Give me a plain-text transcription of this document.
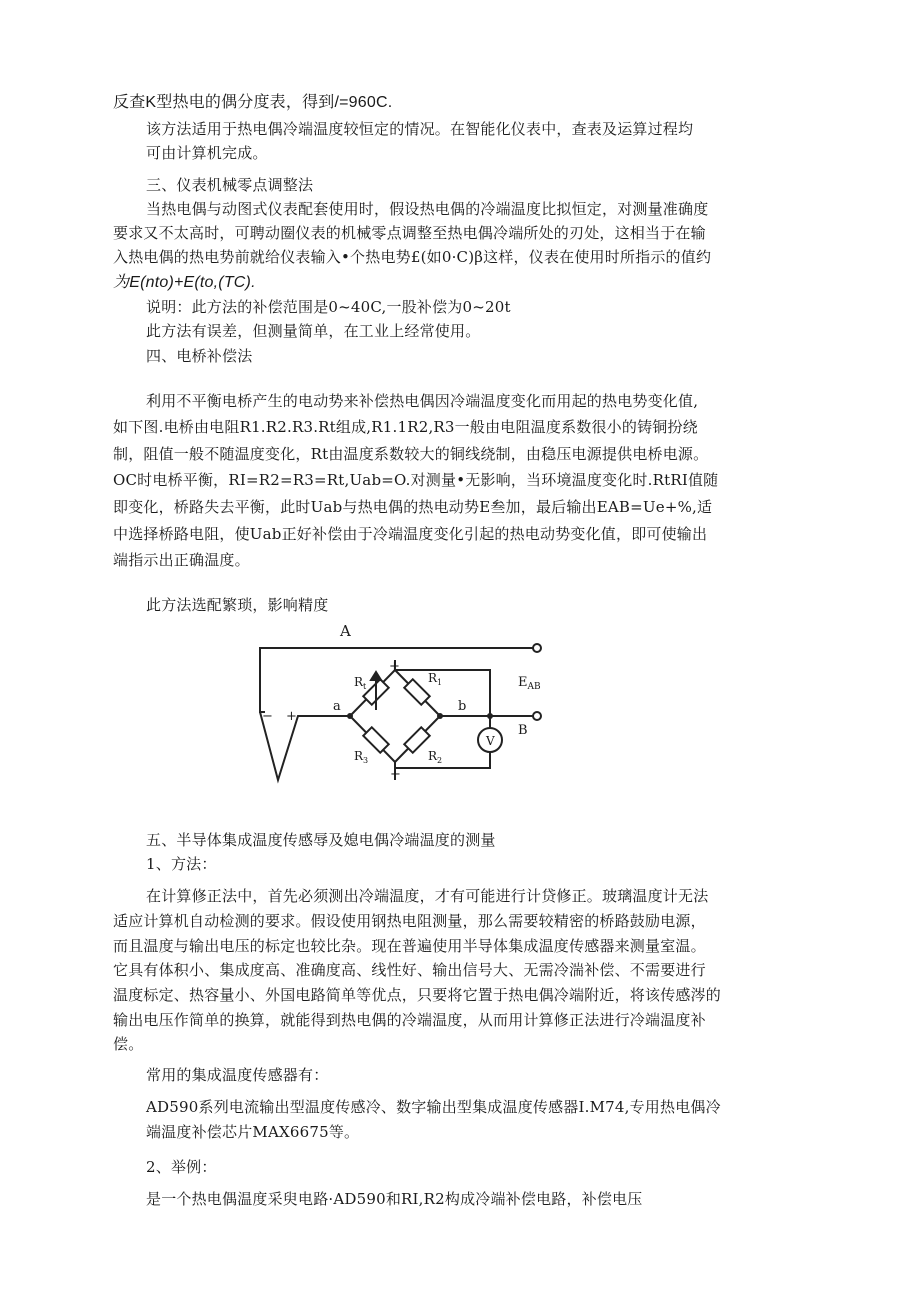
反查K型热电的偶分度表，得到/=960C.
该方法适用于热电偶冷端温度较恒定的情况。在智能化仪表中，查表及运算过程均
可由计算机完成。
三、仪表机械零点调整法
当热电偶与动图式仪表配套使用时，假设热电偶的冷端温度比拟恒定，对测量准确度
要求又不太高时，可聘动圈仪表的机械零点调整至热电偶冷端所处的刃处，这相当于在输
入热电偶的热电势前就给仪表输入•个热电势£(如0·C)β这样，仪表在使用时所指示的值约
为E(nto)+E(to,(TC).
说明：此方法的补偿范围是0~40C,一股补偿为0~20t
此方法有误差，但测量简单，在工业上经常使用。
四、电桥补偿法
利用不平衡电桥产生的电动势来补偿热电偶因冷端温度变化而用起的热电势变化值,
如下图.电桥由电阻R1.R2.R3.Rt组成,R1.1R2,R3一般由电阻温度系数很小的铸铜扮绕
制，阻值一般不随温度变化，Rt由温度系数较大的铜线绕制，由稳压电源提供电桥电源。
OC时电桥平衡，RI=R2=R3=Rt,Uab=O.对测量•无影响，当环境温度变化时.RtRI值随
即变化，桥路失去平衡，此时Uab与热电偶的热电动势E叁加，最后输出EAB=Ue+%,适
中选择桥路电阻，使Uab正好补偿由于冷端温度变化引起的热电动势变化值，即可使输出
端指示出正确温度。
此方法选配繁琐，影响精度
A
a	b
B
$E_{AB}$
$R_t$
$R_1$
$R_3$	$R_2$
V
+
−
− +
五、半导体集成温度传感辱及媳电偶冷端温度的测量
1、方法：
在计算修正法中，首先必须测出冷端温度，才有可能进行计贷修正。玻璃温度计无法
适应计算机自动检测的要求。假设使用钢热电阻测量，那么需要较精密的桥路鼓励电源，
而且温度与输出电压的标定也较比杂。现在普遍使用半导体集成温度传感器来测量室温。
它具有体积小、集成度高、准确度高、线性好、输出信号大、无需冷湍补偿、不需要进行
温度标定、热容量小、外国电路简单等优点，只要将它置于热电偶冷端附近，将该传感涔的
输出电压作简单的换算，就能得到热电偶的冷端温度，从而用计算修正法进行冷端温度补
偿。
常用的集成温度传感器有：
AD590系列电流输出型温度传感冷、数字输出型集成温度传感器I.M74,专用热电偶冷
端温度补偿芯片MAX6675等。
2、举例：
是一个热电偶温度采臾电路·AD590和RI,R2构成冷端补偿电路，补偿电压
